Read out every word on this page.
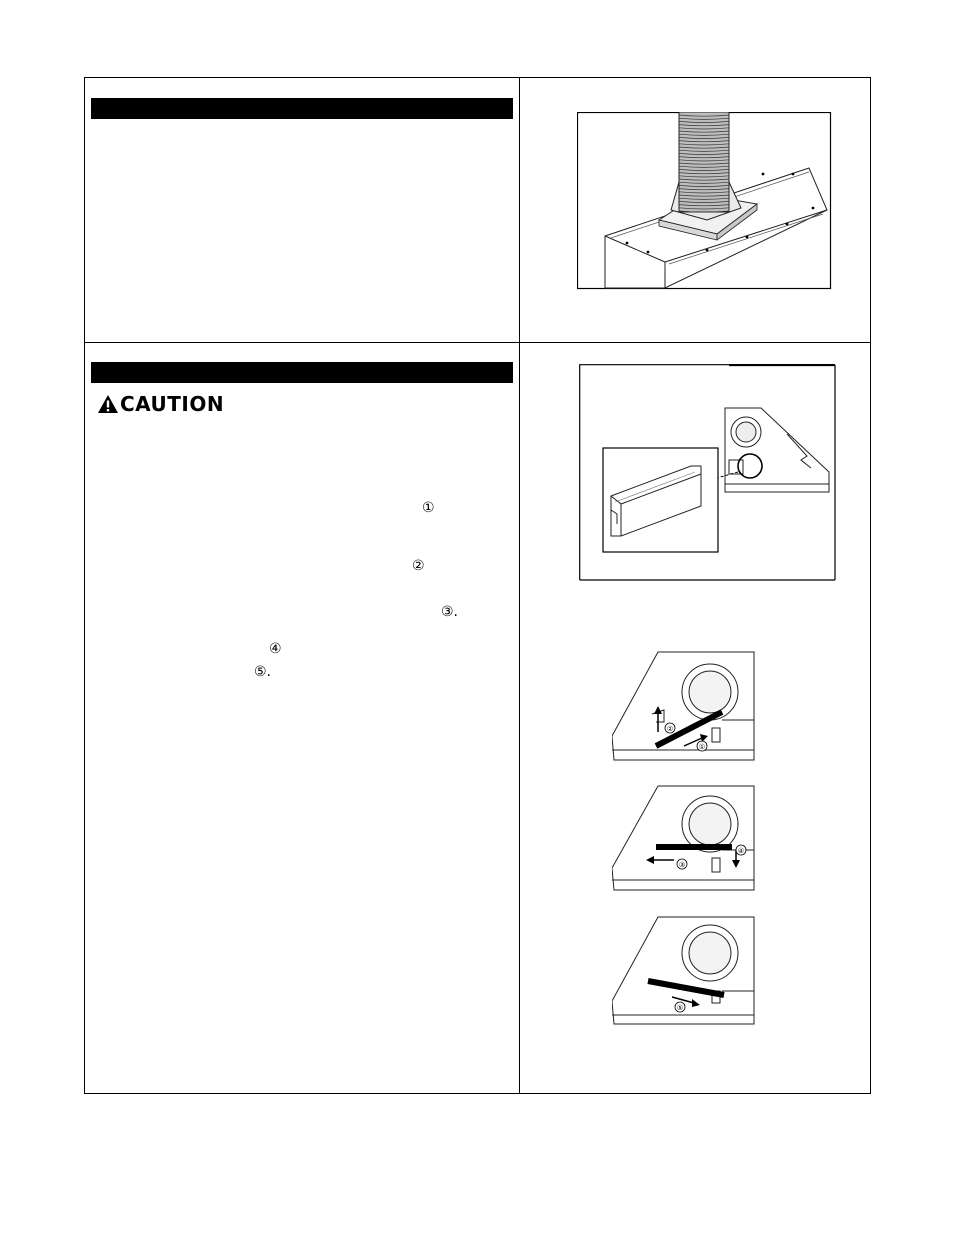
CAUTION
①
②
③.
④
⑤.
②
①
③
④
⑤
